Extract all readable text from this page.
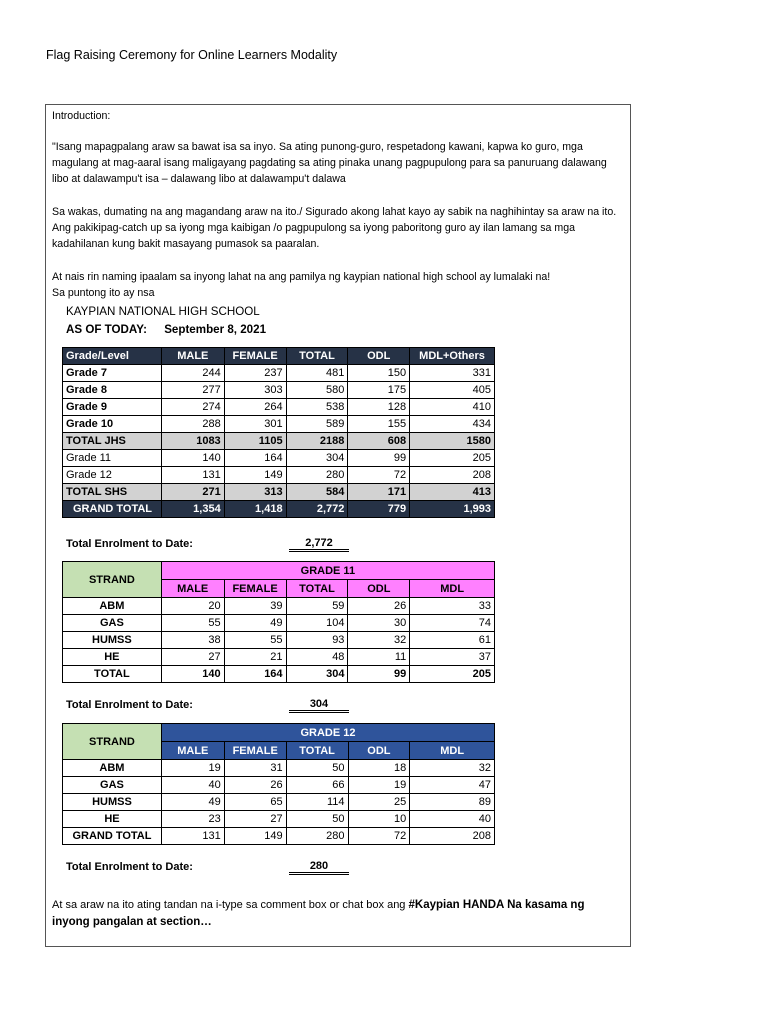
Flag Raising Ceremony for Online Learners Modality
Introduction:
"Isang mapagpalang araw sa bawat isa sa inyo. Sa ating punong-guro, respetadong kawani, kapwa ko guro, mga magulang at mag-aaral isang maligayang pagdating sa ating pinaka unang pagpupulong para sa panuruang dalawang libo at dalawampu't isa – dalawang libo at dalawampu't dalawa
Sa wakas, dumating na ang magandang araw na ito./ Sigurado akong lahat kayo ay sabik na naghihintay sa araw na ito. Ang pakikipag-catch up sa iyong mga kaibigan /o pagpupulong sa iyong paboritong guro ay ilan lamang sa mga kadahilanan kung bakit masayang pumasok sa paaralan.
At nais rin naming ipaalam sa inyong lahat na ang pamilya ng kaypian national high school ay lumalaki na!
Sa puntong ito ay nsa
KAYPIAN NATIONAL HIGH SCHOOL
AS OF TODAY: September 8, 2021
Grade/Level	MALE	FEMALE	TOTAL	ODL	MDL+Others
Grade 7	244	237	481	150	331
Grade 8	277	303	580	175	405
Grade 9	274	264	538	128	410
Grade 10	288	301	589	155	434
TOTAL JHS	1083	1105	2188	608	1580
Grade 11	140	164	304	99	205
Grade 12	131	149	280	72	208
TOTAL SHS	271	313	584	171	413
GRAND TOTAL	1,354	1,418	2,772	779	1,993
Total Enrolment to Date:	2,772
STRAND	GRADE 11				
	MALE	FEMALE	TOTAL	ODL	MDL
ABM	20	39	59	26	33
GAS	55	49	104	30	74
HUMSS	38	55	93	32	61
HE	27	21	48	11	37
TOTAL	140	164	304	99	205
Total Enrolment to Date:	304
STRAND	GRADE 12				
	MALE	FEMALE	TOTAL	ODL	MDL
ABM	19	31	50	18	32
GAS	40	26	66	19	47
HUMSS	49	65	114	25	89
HE	23	27	50	10	40
GRAND TOTAL	131	149	280	72	208
Total Enrolment to Date:	280
At sa araw na ito ating tandan na i-type sa comment box or chat box ang #Kaypian HANDA Na kasama ng inyong pangalan at section…
